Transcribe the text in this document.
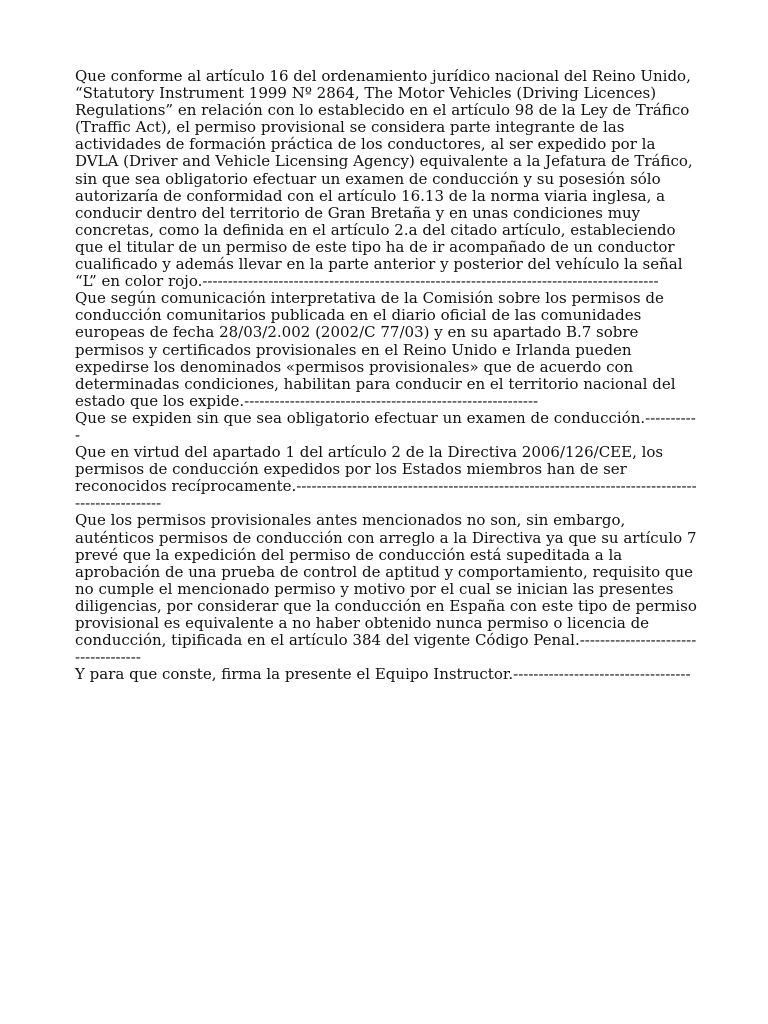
Que conforme al artículo 16 del ordenamiento jurídico nacional del Reino Unido, “Statutory Instrument 1999 Nº 2864, The Motor Vehicles (Driving Licences) Regulations” en relación con lo establecido en el artículo 98 de la Ley de Tráfico (Traffic Act), el permiso provisional se considera parte integrante de las actividades de formación práctica de los conductores, al ser expedido por la DVLA (Driver and Vehicle Licensing Agency) equivalente a la Jefatura de Tráfico, sin que sea obligatorio efectuar un examen de conducción y su posesión sólo autorizaría de conformidad con el artículo 16.13 de la norma viaria inglesa, a conducir dentro del territorio de Gran Bretaña y en unas condiciones muy concretas, como la definida en el artículo 2.a del citado artículo, estableciendo que el titular de un permiso de este tipo ha de ir acompañado de un conductor cualificado y además llevar en la parte anterior y posterior del vehículo la señal “L” en color rojo.------------------------------------------------------------------------------------------

Que según comunicación interpretativa de la Comisión sobre los permisos de conducción comunitarios publicada en el diario oficial de las comunidades europeas de fecha 28/03/2.002 (2002/C 77/03) y en su apartado B.7 sobre permisos y certificados provisionales en el Reino Unido e Irlanda pueden expedirse los denominados «permisos provisionales» que de acuerdo con determinadas condiciones, habilitan para conducir en el territorio nacional del estado que los expide.----------------------------------------------------------

Que se expiden sin que sea obligatorio efectuar un examen de conducción.-----------

Que en virtud del apartado 1 del artículo 2 de la Directiva 2006/126/CEE, los permisos de conducción expedidos por los Estados miembros han de ser reconocidos recíprocamente.------------------------------------------------------------------------------------------------

Que los permisos provisionales antes mencionados no son, sin embargo, auténticos permisos de conducción con arreglo a la Directiva ya que su artículo 7 prevé que la expedición del permiso de conducción está supeditada a la aprobación de una prueba de control de aptitud y comportamiento, requisito que no cumple el mencionado permiso y motivo por el cual se inician las presentes diligencias, por considerar que la conducción en España con este tipo de permiso provisional es equivalente a no haber obtenido nunca permiso o licencia de conducción, tipificada en el artículo 384 del vigente Código Penal.------------------------------------

Y para que conste, firma la presente el Equipo Instructor.-----------------------------------
